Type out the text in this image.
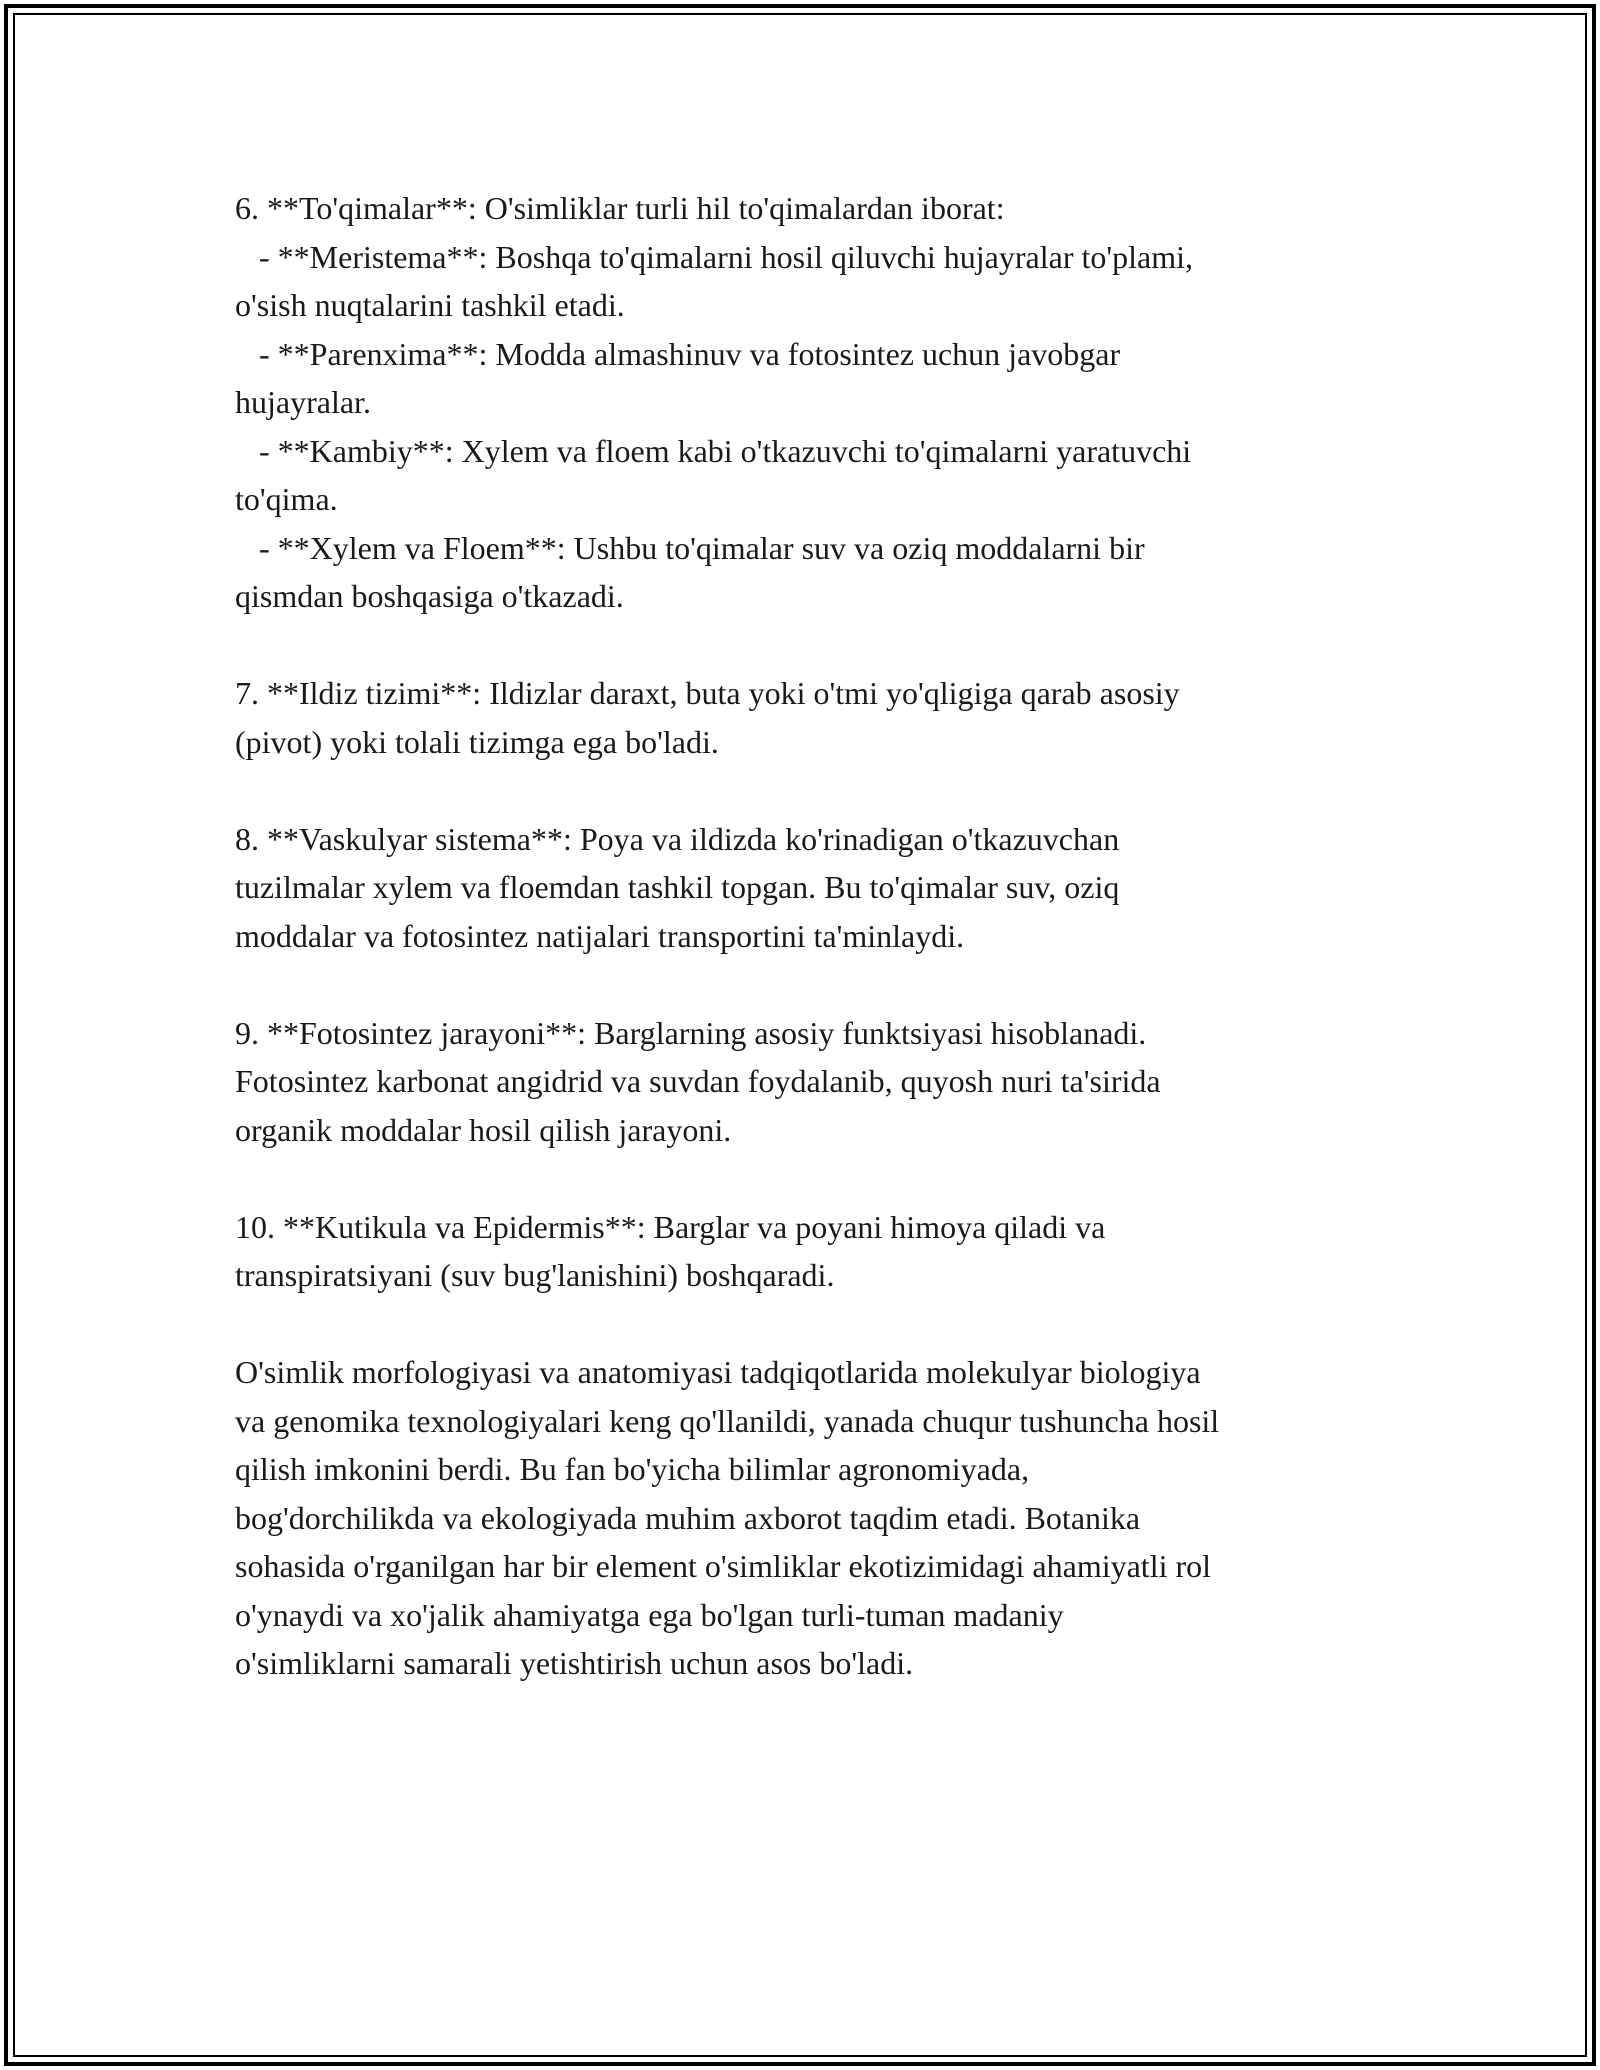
6. **To'qimalar**: O'simliklar turli hil to'qimalardan iborat:
- **Meristema**: Boshqa to'qimalarni hosil qiluvchi hujayralar to'plami,
o'sish nuqtalarini tashkil etadi.
- **Parenxima**: Modda almashinuv va fotosintez uchun javobgar
hujayralar.
- **Kambiy**: Xylem va floem kabi o'tkazuvchi to'qimalarni yaratuvchi
to'qima.
- **Xylem va Floem**: Ushbu to'qimalar suv va oziq moddalarni bir
qismdan boshqasiga o'tkazadi.
7. **Ildiz tizimi**: Ildizlar daraxt, buta yoki o'tmi yo'qligiga qarab asosiy
(pivot) yoki tolali tizimga ega bo'ladi.
8. **Vaskulyar sistema**: Poya va ildizda ko'rinadigan o'tkazuvchan
tuzilmalar xylem va floemdan tashkil topgan. Bu to'qimalar suv, oziq
moddalar va fotosintez natijalari transportini ta'minlaydi.
9. **Fotosintez jarayoni**: Barglarning asosiy funktsiyasi hisoblanadi.
Fotosintez karbonat angidrid va suvdan foydalanib, quyosh nuri ta'sirida
organik moddalar hosil qilish jarayoni.
10. **Kutikula va Epidermis**: Barglar va poyani himoya qiladi va
transpiratsiyani (suv bug'lanishini) boshqaradi.
O'simlik morfologiyasi va anatomiyasi tadqiqotlarida molekulyar biologiya
va genomika texnologiyalari keng qo'llanildi, yanada chuqur tushuncha hosil
qilish imkonini berdi. Bu fan bo'yicha bilimlar agronomiyada,
bog'dorchilikda va ekologiyada muhim axborot taqdim etadi. Botanika
sohasida o'rganilgan har bir element o'simliklar ekotizimidagi ahamiyatli rol
o'ynaydi va xo'jalik ahamiyatga ega bo'lgan turli-tuman madaniy
o'simliklarni samarali yetishtirish uchun asos bo'ladi.
